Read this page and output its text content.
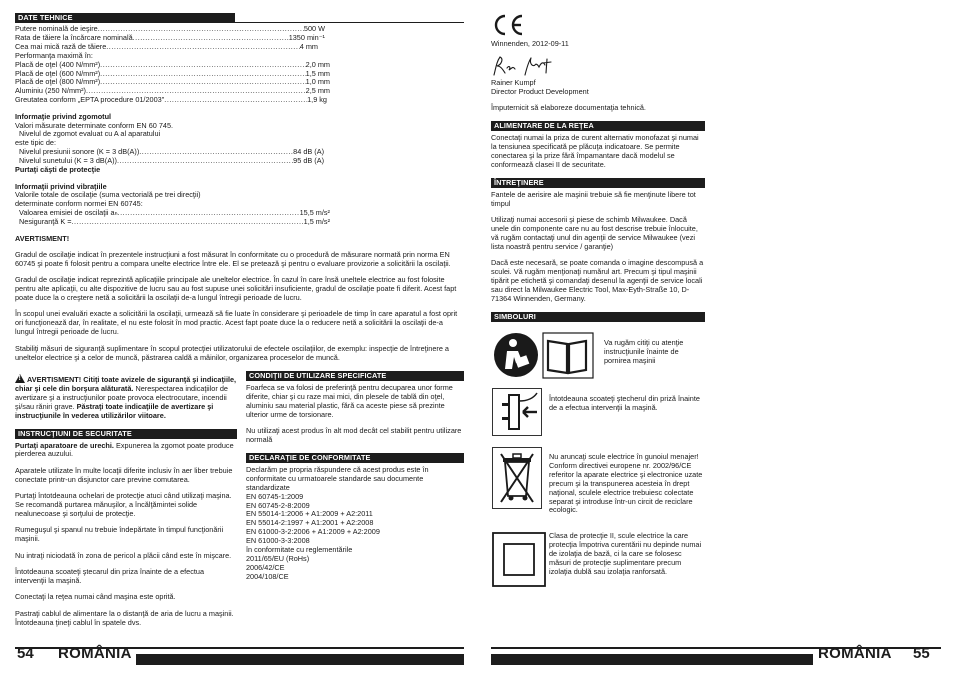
DATE TEHNICE
Putere nominală de ieşire .....	500 W
Rata de tăiere la încărcare nominală .....	1350 min⁻¹
Cea mai mică rază de tăiere .....	4 mm

Performanţa maximă în:

Placă de oţel (400 N/mm²) .....	2,0 mm
Placă de oţel (600 N/mm²) .....	1,5 mm
Placă de oţel (800 N/mm²) .....	1,0 mm
Aluminiu (250 N/mm²) .....	2,5 mm
Greutatea conform „EPTA procedure 01/2003" .....	1,9 kg

Informaţie privind zgomotul

Valori măsurate determinate conform EN 60 745.

Nivelul de zgomot evaluat cu A al aparatului

este tipic de:

Nivelul presiunii sonore (K = 3 dB(A)) .....	84 dB (A)
Nivelul sunetului (K = 3 dB(A)) .....	95 dB (A)

Purtaţi căşti de protecţie

Informaţii privind vibraţiile

Valorile totale de oscilaţie (suma vectorială pe trei direcţii)

determinate conform normei EN 60745:

Valoarea emisiei de oscilaţii aₕ .....	15,5 m/s²
Nesiguranţă K = .....	1,5 m/s²

AVERTISMENT!

Gradul de oscilaţie indicat în prezentele instrucţiuni a fost măsurat în conformitate cu o procedură de măsurare normată prin norma EN 60745 şi poate fi folosit pentru a compara unelte electrice între ele. El se pretează şi pentru o evaluare provizorie a solicitării la oscilaţii.

Gradul de oscilaţie indicat reprezintă aplicaţiile principale ale uneltelor electrice. În cazul în care însă uneltele electrice au fost folosite pentru alte aplicaţii, cu alte dispozitive de lucru sau au fost supuse unei solicitări insuficiente, gradul de oscilaţie poate fi diferit. Acest fapt poate duce la o creştere netă a solicitării la oscilaţii de-a lungul întregii perioade de lucru.

În scopul unei evaluări exacte a solicitării la oscilaţii, urmează să fie luate în considerare şi perioadele de timp în care aparatul a fost oprit ori funcţionează dar, în realitate, el nu este folosit în mod practic. Acest fapt poate duce la o reducere netă a solicitării la oscilaţii de-a lungul întregii perioade de lucru.

Stabiliţi măsuri de siguranţă suplimentare în scopul protecţiei utilizatorului de efectele oscilaţiilor, de exemplu: inspecţie de întreţinere a uneltelor electrice şi a celor de muncă, păstrarea caldă a mâinilor, organizarea proceselor de muncă.

!AVERTISMENT! Citiţi toate avizele de siguranţă şi indicaţiile, chiar şi cele din borşura alăturată. Nerespectarea indicaţiilor de avertizare şi a instrucţiunilor poate provoca electrocutare, incendii şi/sau răniri grave. Păstraţi toate indicaţiile de avertizare şi instrucţiunile în vederea utilizărilor viitoare.

INSTRUCŢIUNI DE SECURITATE

Purtaţi aparatoare de urechi. Expunerea la zgomot poate produce pierderea auzului.

Aparatele utilizate în multe locaţii diferite inclusiv în aer liber trebuie conectate printr-un disjunctor care previne comutarea.

Purtaţi întotdeauna ochelari de protecţie atuci când utilizaţi maşina. Se recomandă purtarea mănuşilor, a încălţămintei solide nealunecoase şi sorţului de protecţie.

Rumeguşul şi spanul nu trebuie îndepărtate în timpul funcţionării maşinii.

Nu intraţi niciodată în zona de pericol a plăcii când este în mişcare.

Întotdeauna scoateţi ştecarul din priza înainte de a efectua intervenţii la maşină.

Conectaţi la reţea numai când maşina este oprită.

Pastraţi cablul de alimentare la o distanţă de aria de lucru a maşinii. Întotdeauna ţineţi cablul în spatele dvs.

CONDIŢII DE UTILIZARE SPECIFICATE

Foarfeca se va folosi de preferinţă pentru decuparea unor forme diferite, chiar şi cu raze mai mici, din plesele de tablă din oţel, aluminiu sau material plastic, fără ca aceste piese să prezinte ulterior urme de torsionare.

Nu utilizaţi acest produs în alt mod decât cel stabilit pentru utilizare normală

DECLARAŢIE DE CONFORMITATE

Declarăm pe propria răspundere că acest produs este în conformitate cu urmatoarele standarde sau documente standardizate

EN 60745-1:2009

EN 60745-2-8:2009

EN 55014-1:2006 + A1:2009 + A2:2011

EN 55014-2:1997 + A1:2001 + A2:2008

EN 61000-3-2:2006 + A1:2009 + A2:2009

EN 61000-3-3:2008

în conformitate cu reglementările

2011/65/EU (RoHs)

2006/42/CE

2004/108/CE

54 ROMÂNIA

Winnenden, 2012-09-11

Rainer Kumpf

Director Product Development

Împuternicit să elaboreze documentaţia tehnică.

ALIMENTARE DE LA REŢEA

Conectaţi numai la priza de curent alternativ monofazat şi numai la tensiunea specificată pe plăcuţa indicatoare. Se permite conectarea şi la prize fără împamantare dacă modelul se conformează clasei II de securitate.

ÎNTREŢINERE

Fantele de aerisire ale maşinii trebuie să fie menţinute libere tot timpul

Utilizaţi numai accesorii şi piese de schimb Milwaukee. Dacă unele din componente care nu au fost descrise trebuie înlocuite, vă rugăm contactaţi unul din agenţii de service Milwaukee (vezi lista noastră pentru service / garanţie)

Dacă este necesară, se poate comanda o imagine descompusă a sculei. Vă rugăm menţionaţi numărul art. Precum şi tipul maşinii tipărit pe etichetă şi comandaţi desenul la agenţii de service locali sau direct la Milwaukee Electric Tool, Max-Eyth-Straße 10, D-71364 Winnenden, Germany.

SIMBOLURI
Va rugăm citiţi cu atenţie instrucţiunile înainte de pornirea maşinii
Întotdeauna scoateţi ştecherul din priză înainte de a efectua intervenţii la maşină.
Nu aruncaţi scule electrice în gunoiul menajer! Conform directivei europene nr. 2002/96/CE referitor la aparate electrice şi electronice uzate precum şi la transpunerea acesteia în drept naţional, sculele electrice trebuiesc colectate separat şi introduse într-un circit de reciclare ecologic.
Clasa de protecţie II, scule electrice la care protecţia împotriva curentării nu depinde numai de izolaţia de bază, ci la care se folosesc măsuri de protecţie suplimentare precum izolaţia dublă sau izolaţia ranforsată.
ROMÂNIA 55
